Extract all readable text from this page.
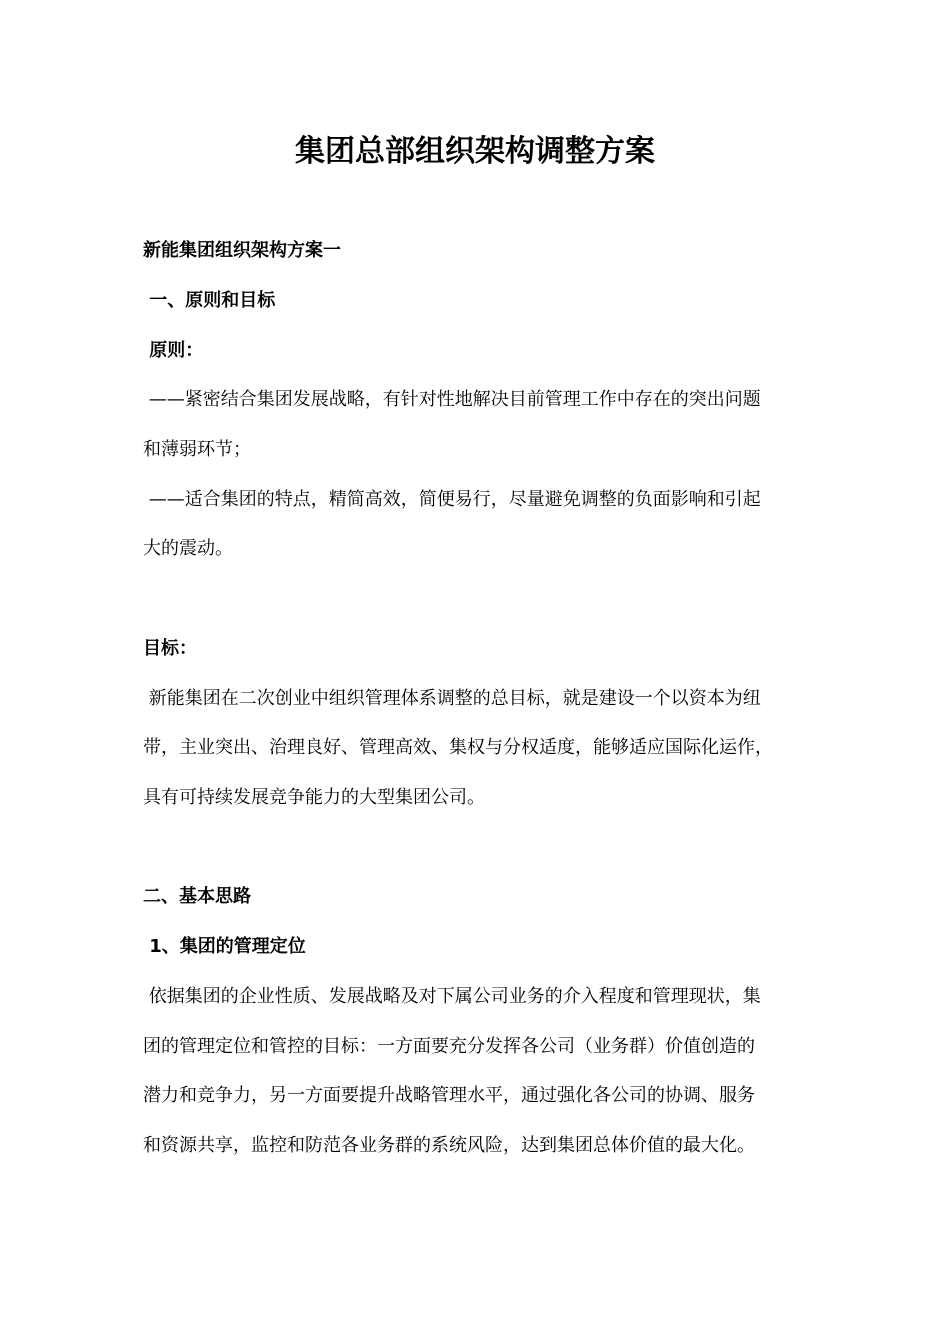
集团总部组织架构调整方案
新能集团组织架构方案一
一、原则和目标
原则：
——紧密结合集团发展战略，有针对性地解决目前管理工作中存在的突出问题
和薄弱环节；
——适合集团的特点，精简高效，简便易行，尽量避免调整的负面影响和引起
大的震动。
目标：
新能集团在二次创业中组织管理体系调整的总目标，就是建设一个以资本为纽
带，主业突出、治理良好、管理高效、集权与分权适度，能够适应国际化运作，
具有可持续发展竞争能力的大型集团公司。
二、基本思路
1、集团的管理定位
依据集团的企业性质、发展战略及对下属公司业务的介入程度和管理现状，集
团的管理定位和管控的目标：一方面要充分发挥各公司（业务群）价值创造的
潜力和竞争力，另一方面要提升战略管理水平，通过强化各公司的协调、服务
和资源共享，监控和防范各业务群的系统风险，达到集团总体价值的最大化。
